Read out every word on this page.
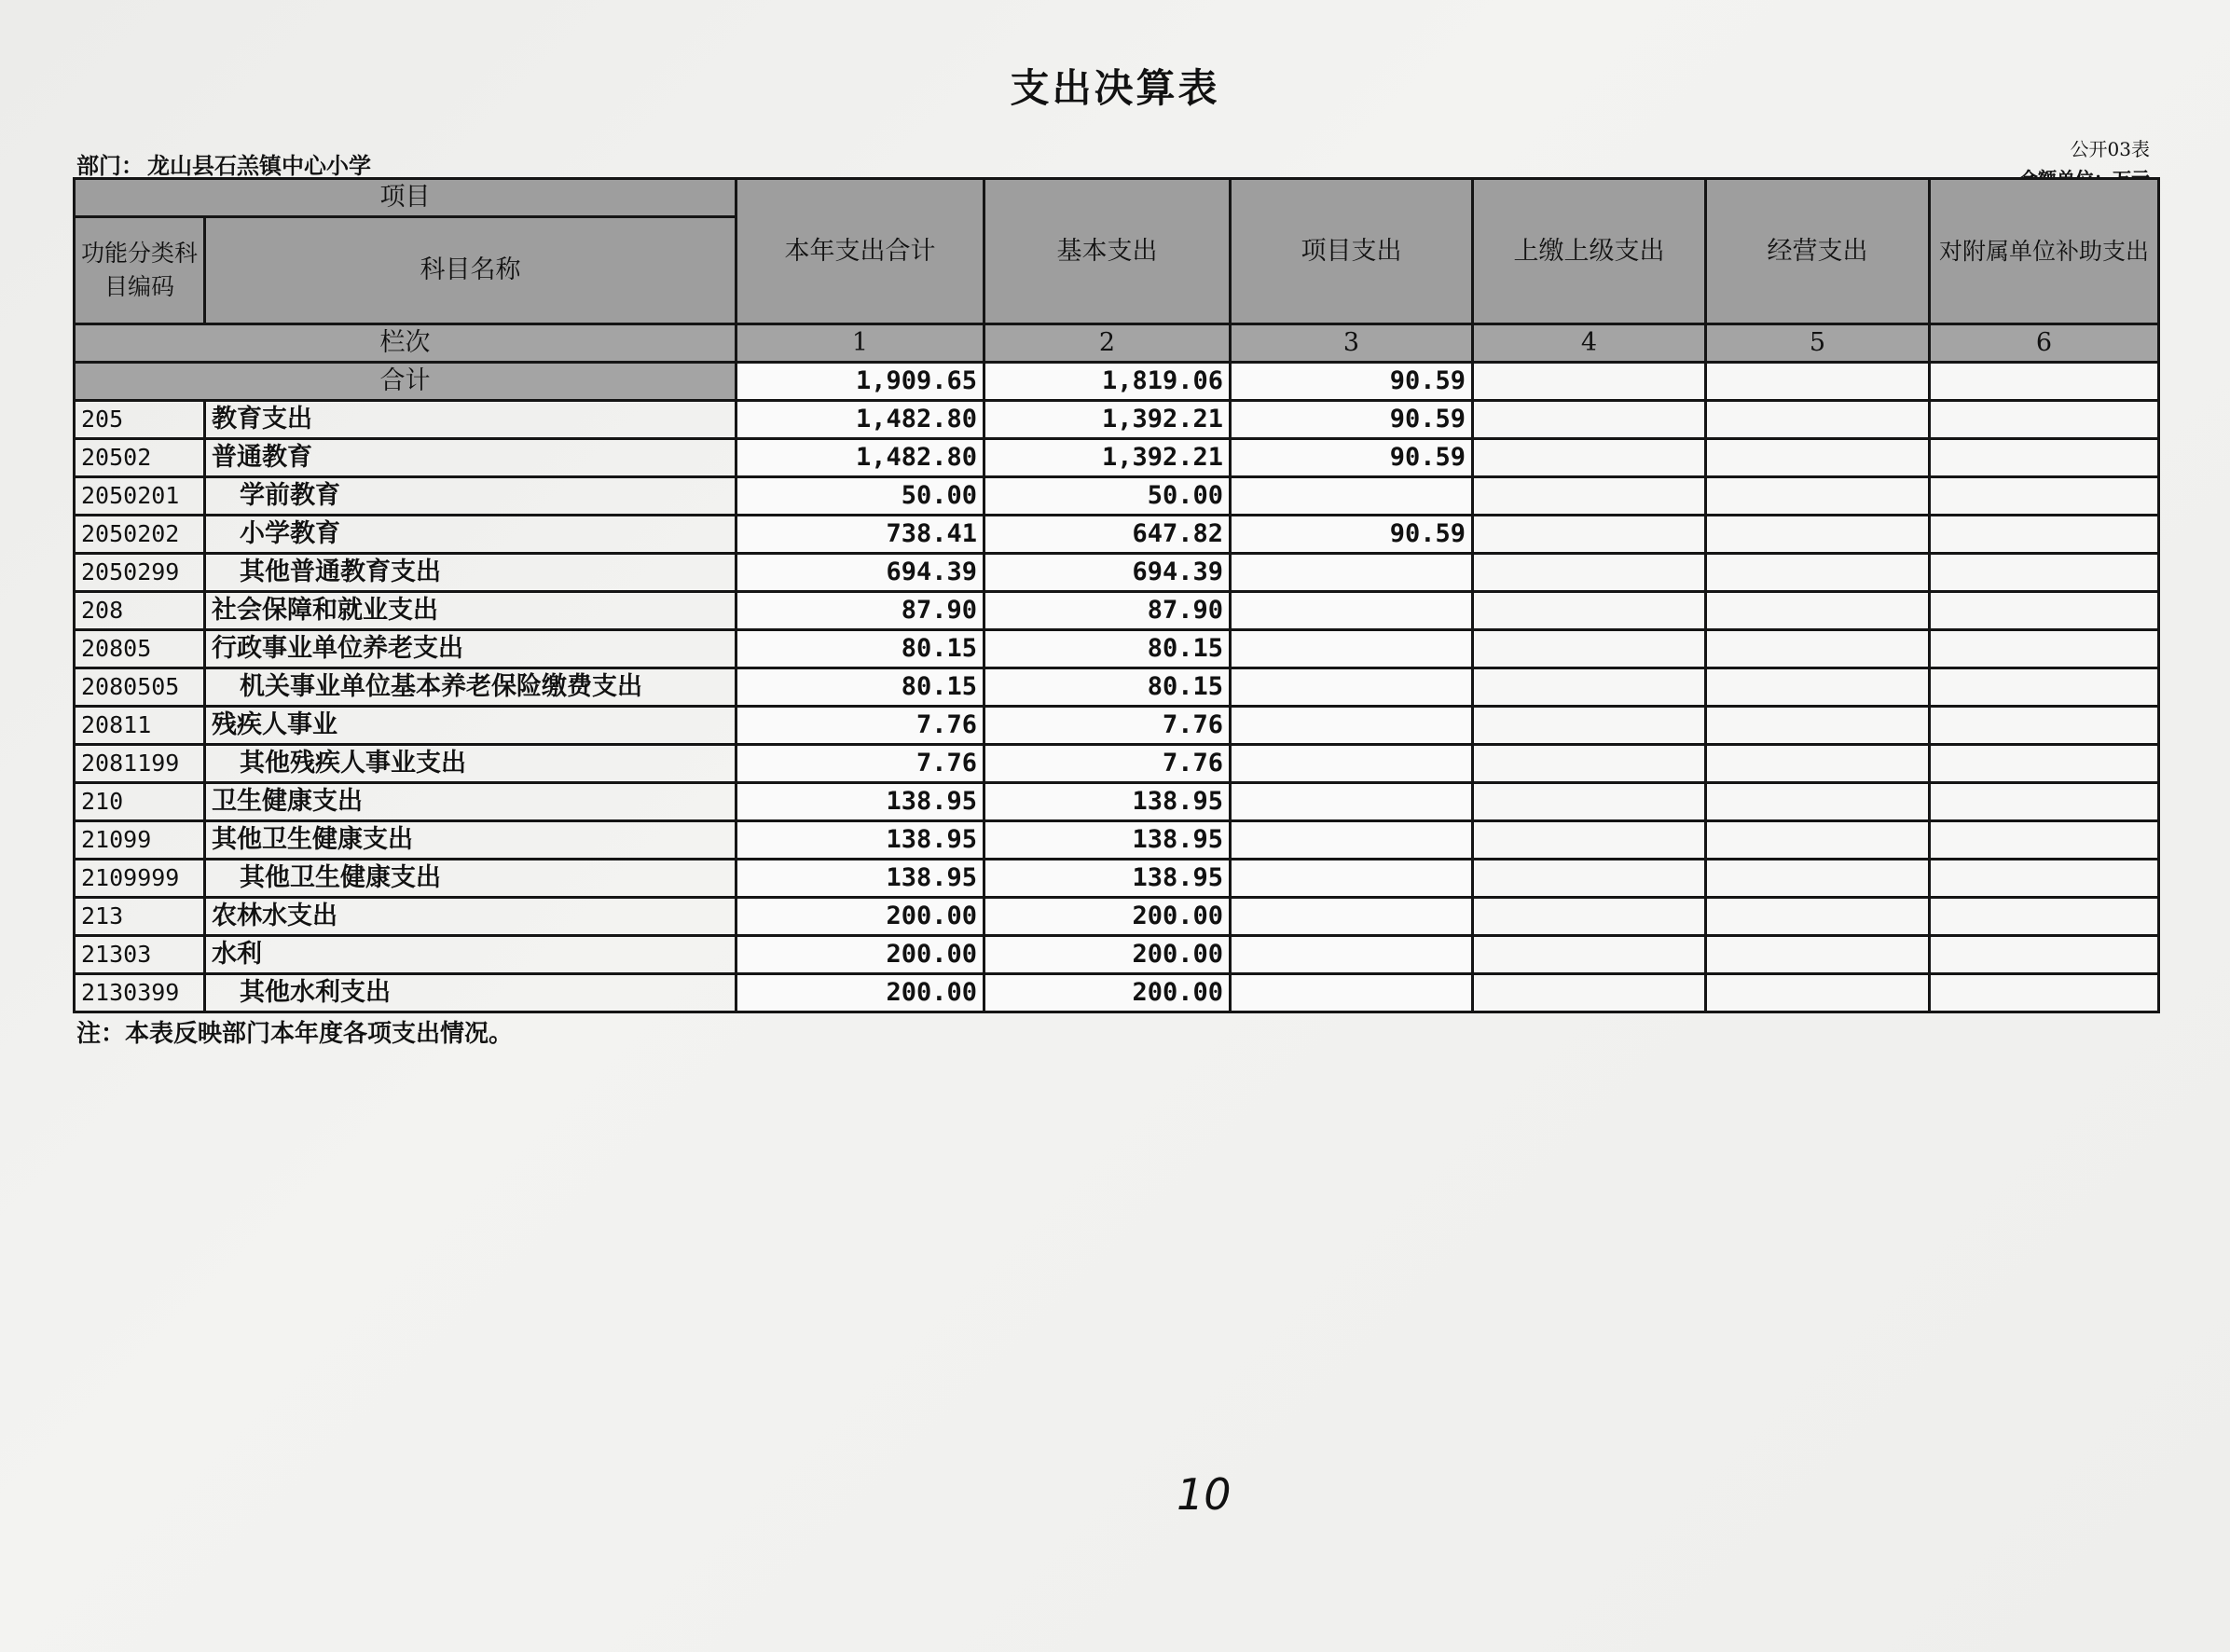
支出决算表
部门： 龙山县石羔镇中心小学
公开03表
项目		本年支出合计	基本支出	项目支出	上缴上级支出	经营支出	对附属单位补助支出
功能分类科目编码	科目名称						
栏次		1	2	3	4	5	6
合计		1,909.65	1,819.06	90.59			
205	教育支出	1,482.80	1,392.21	90.59			
20502	普通教育	1,482.80	1,392.21	90.59			
2050201	学前教育	50.00	50.00				
2050202	小学教育	738.41	647.82	90.59			
2050299	其他普通教育支出	694.39	694.39				
208	社会保障和就业支出	87.90	87.90				
20805	行政事业单位养老支出	80.15	80.15				
2080505	机关事业单位基本养老保险缴费支出	80.15	80.15				
20811	残疾人事业	7.76	7.76				
2081199	其他残疾人事业支出	7.76	7.76				
210	卫生健康支出	138.95	138.95				
21099	其他卫生健康支出	138.95	138.95				
2109999	其他卫生健康支出	138.95	138.95				
213	农林水支出	200.00	200.00				
21303	水利	200.00	200.00				
2130399	其他水利支出	200.00	200.00				
注：本表反映部门本年度各项支出情况。
10
